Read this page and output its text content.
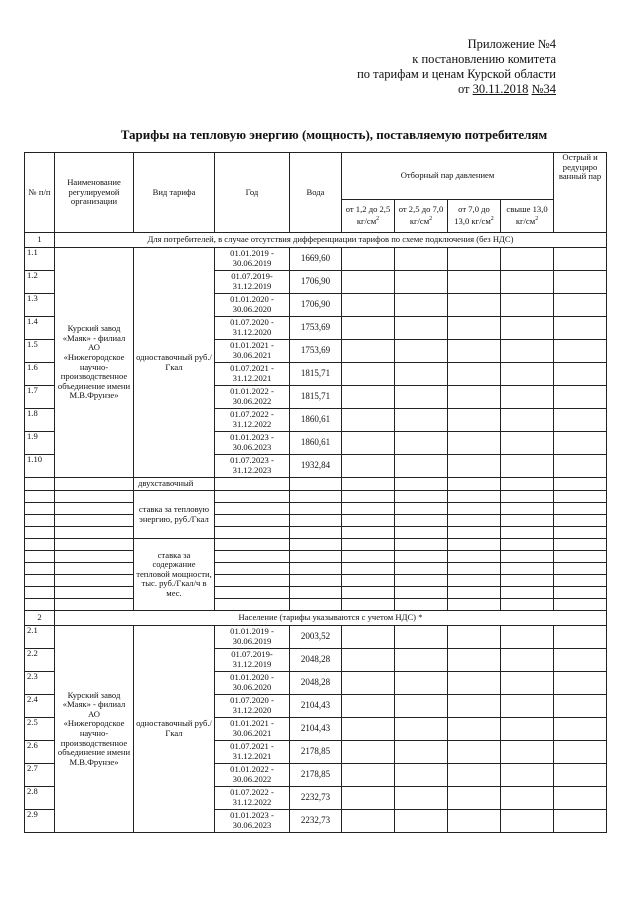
Приложение №4
к постановлению комитета
по тарифам и ценам Курской области
от 30.11.2018 №34
Тарифы на тепловую энергию (мощность), поставляемую потребителям
№ п/п	Наименование регулируемой организации	Вид тарифа	Год	Вода	Отборный пар давлением				Острый и редуциро ванный пар
					от 1,2 до 2,5 $кг/см^2$	от 2,5 до 7,0 $кг/см^2$	от 7,0 до 13,0 $кг/см^2$	свыше 13,0 $кг/см^2$
1	Для потребителей, в случае отсутствия дифференциации тарифов по схеме подключения (без НДС)								
1.1	Курский завод «Маяк» - филиал АО «Нижегородское научно-производственное объединение имени М.В.Фрунзе»	одноставочный руб./Гкал	01.01.2019 - 30.06.2019	1669,60					
1.2			01.07.2019-31.12.2019	1706,90					
1.3			01.01.2020 - 30.06.2020	1706,90					
1.4			01.07.2020 - 31.12.2020	1753,69					
1.5			01.01.2021 - 30.06.2021	1753,69					
1.6			01.07.2021 - 31.12.2021	1815,71					
1.7			01.01.2022 - 30.06.2022	1815,71					
1.8			01.07.2022 - 31.12.2022	1860,61					
1.9			01.01.2023 - 30.06.2023	1860,61					
1.10			01.07.2023 - 31.12.2023	1932,84					
		двухставочный							
		ставка за тепловую энергию, руб./Гкал							

		ставка за содержание тепловой мощности, тыс. руб./Гкал/ч в мес.							

2	Население (тарифы указываются с учетом НДС) *								
2.1	Курский завод «Маяк» - филиал АО «Нижегородское научно-производственное объединение имени М.В.Фрунзе»	одноставочный руб./Гкал	01.01.2019 - 30.06.2019	2003,52					
2.2			01.07.2019-31.12.2019	2048,28					
2.3			01.01.2020 - 30.06.2020	2048,28					
2.4			01.07.2020 - 31.12.2020	2104,43					
2.5			01.01.2021 - 30.06.2021	2104,43					
2.6			01.07.2021 - 31.12.2021	2178,85					
2.7			01.01.2022 - 30.06.2022	2178,85					
2.8			01.07.2022 - 31.12.2022	2232,73					
2.9			01.01.2023 - 30.06.2023	2232,73					
